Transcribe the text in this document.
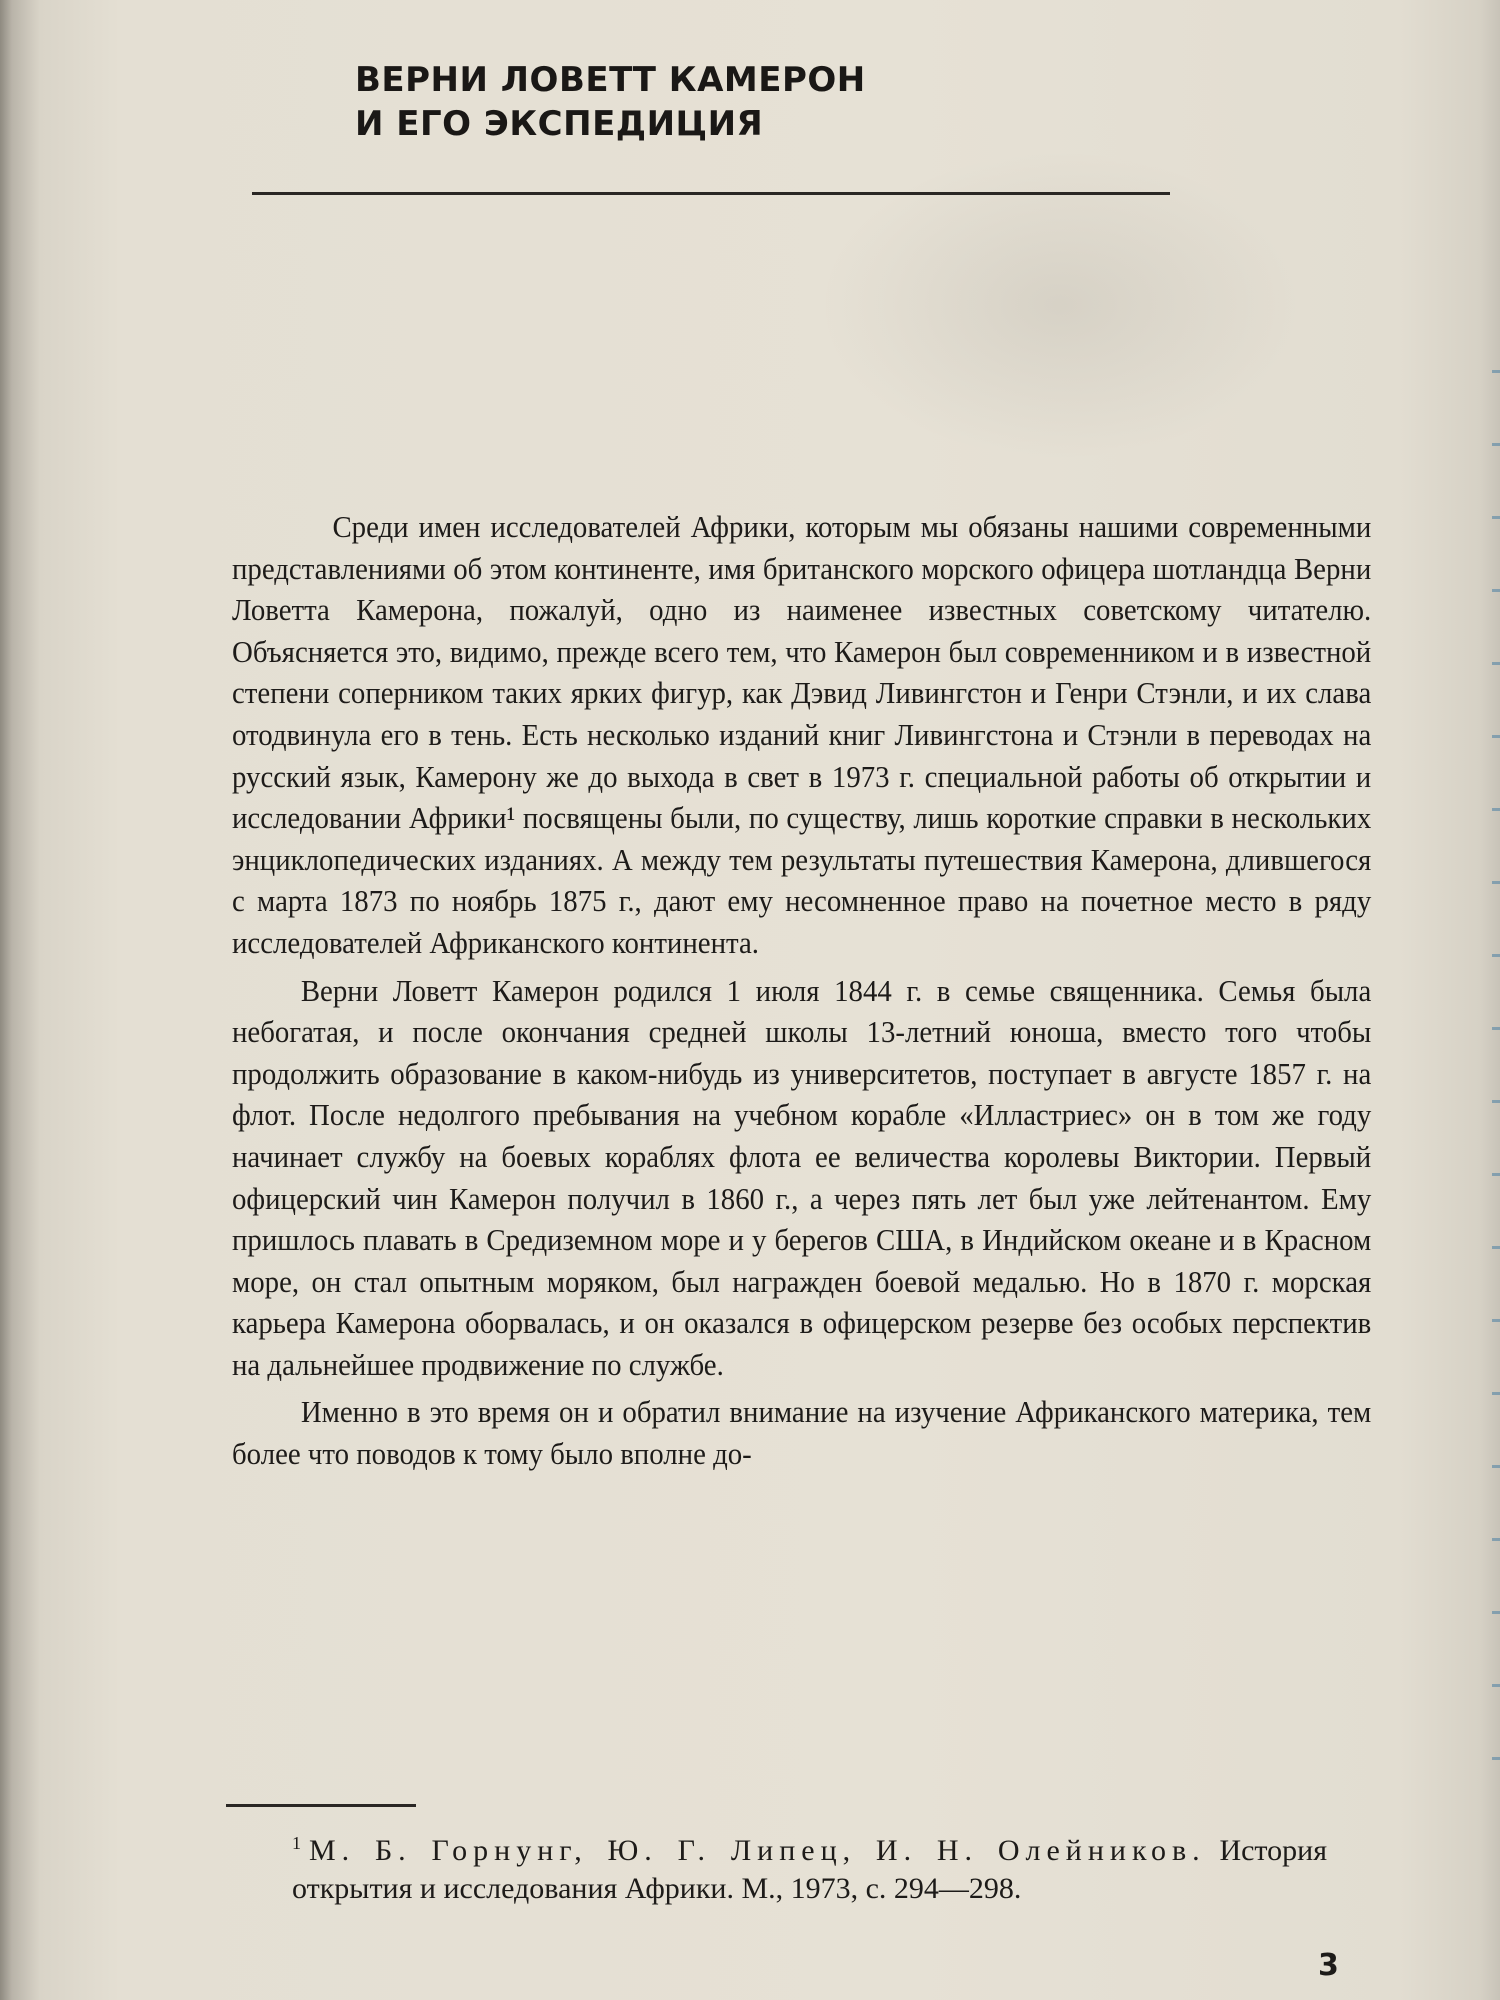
ВЕРНИ ЛОВЕТТ КАМЕРОН
И ЕГО ЭКСПЕДИЦИЯ

Среди имен исследователей Африки, которым мы обязаны нашими современными представлениями об этом континенте, имя британского морского офицера шотландца Верни Ловетта Камерона, пожалуй, одно из наименее известных советскому читателю. Объясняется это, видимо, прежде всего тем, что Камерон был современником и в известной степени соперником таких ярких фигур, как Дэвид Ливингстон и Генри Стэнли, и их слава отодвинула его в тень. Есть несколько изданий книг Ливингстона и Стэнли в переводах на русский язык, Камерону же до выхода в свет в 1973 г. специальной работы об открытии и исследовании Африки¹ посвящены были, по существу, лишь короткие справки в нескольких энциклопедических изданиях. А между тем результаты путешествия Камерона, длившегося с марта 1873 по ноябрь 1875 г., дают ему несомненное право на почетное место в ряду исследователей Африканского континента.

Верни Ловетт Камерон родился 1 июля 1844 г. в семье священника. Семья была небогатая, и после окончания средней школы 13-летний юноша, вместо того чтобы продолжить образование в каком-нибудь из университетов, поступает в августе 1857 г. на флот. После недолгого пребывания на учебном корабле «Илластриес» он в том же году начинает службу на боевых кораблях флота ее величества королевы Виктории. Первый офицерский чин Камерон получил в 1860 г., а через пять лет был уже лейтенантом. Ему пришлось плавать в Средиземном море и у берегов США, в Индийском океане и в Красном море, он стал опытным моряком, был награжден боевой медалью. Но в 1870 г. морская карьера Камерона оборвалась, и он оказался в офицерском резерве без особых перспектив на дальнейшее продвижение по службе.

Именно в это время он и обратил внимание на изучение Африканского материка, тем более что поводов к тому было вполне до-

$^1$ М. Б. Горнунг, Ю. Г. Липец, И. Н. Олейников. История открытия и исследования Африки. М., 1973, с. 294—298.
3
